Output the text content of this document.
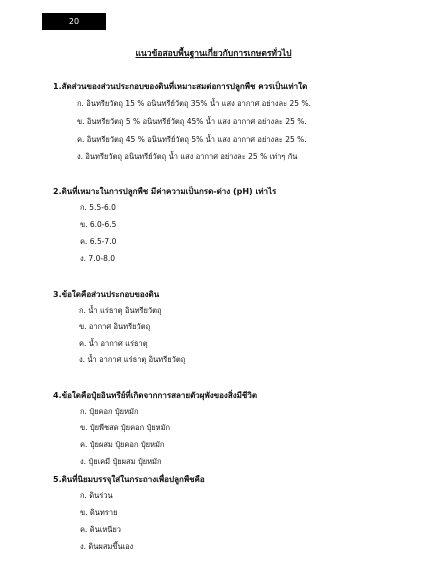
20
แนวข้อสอบพื้นฐานเกี่ยวกับการเกษตรทั่วไป
1.สัดส่วนของส่วนประกอบของดินที่เหมาะสมต่อการปลูกพืช ควรเป็นเท่าใด
ก. อินทรียวัตถุ 15 % อนินทรีย์วัตถุ 35% น้ำ แสง อากาศ อย่างละ 25 %.
ข. อินทรียวัตถุ 5 % อนินทรีย์วัตถุ 45% น้ำ แสง อากาศ อย่างละ 25 %.
ค. อินทรียวัตถุ 45 % อนินทรีย์วัตถุ 5% น้ำ แสง อากาศ อย่างละ 25 %.
ง. อินทรียวัตถุ อนินทรีย์วัตถุ น้ำ แสง อากาศ อย่างละ 25 % เท่าๆ กัน
2.ดินที่เหมาะในการปลูกพืช มีค่าความเป็นกรด-ด่าง (pH) เท่าไร
ก. 5.5-6.0
ข. 6.0-6.5
ค. 6.5-7.0
ง. 7.0-8.0
3.ข้อใดคือส่วนประกอบของดิน
ก. น้ำ แร่ธาตุ อินทรียวัตถุ
ข. อากาศ อินทรียวัตถุ
ค. น้ำ อากาศ แร่ธาตุ
ง. น้ำ อากาศ แร่ธาตุ อินทรียวัตถุ
4.ข้อใดคือปุ๋ยอินทรีย์ที่เกิดจากการสลายตัวผุพังของสิ่งมีชีวิต
ก. ปุ๋ยคอก ปุ๋ยหมัก
ข. ปุ๋ยพืชสด ปุ๋ยคอก ปุ๋ยหมัก
ค. ปุ๋ยผสม ปุ๋ยคอก ปุ๋ยหมัก
ง. ปุ๋ยเคมี ปุ๋ยผสม ปุ๋ยหมัก
5.ดินที่นิยมบรรจุใส่ในกระถางเพื่อปลูกพืชคือ
ก. ดินร่วน
ข. ดินทราย
ค. ดินเหนียว
ง. ดินผสมขึ้นเอง
